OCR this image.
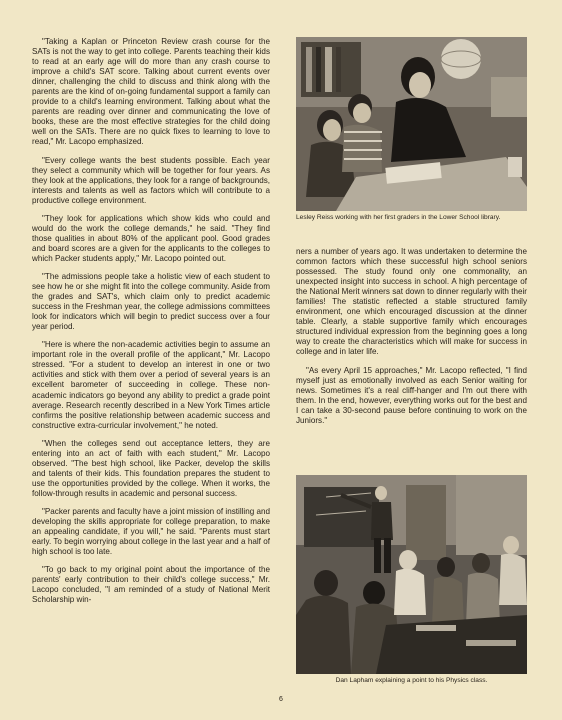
"Taking a Kaplan or Princeton Review crash course for the SATs is not the way to get into college. Parents teaching their kids to read at an early age will do more than any crash course to improve a child's SAT score. Talking about current events over dinner, challenging the child to discuss and think along with the parents are the kind of on-going fundamental support a family can provide to a child's learning environment. Talking about what the parents are reading over dinner and communicating the love of books, these are the most effective strategies for the child doing well on the SATs. There are no quick fixes to learning to love to read," Mr. Lacopo emphasized.

"Every college wants the best students possible. Each year they select a community which will be together for four years. As they look at the applications, they look for a range of backgrounds, interests and talents as well as factors which will contribute to a productive college environment.

"They look for applications which show kids who could and would do the work the college demands," he said. "They find those qualities in about 80% of the applicant pool. Good grades and board scores are a given for the applicants to the colleges to which Packer students apply," Mr. Lacopo pointed out.

"The admissions people take a holistic view of each student to see how he or she might fit into the college community. Aside from the grades and SAT's, which claim only to predict academic success in the Freshman year, the college admissions committees look for indicators which will begin to predict success over a four year period.

"Here is where the non-academic activities begin to assume an important role in the overall profile of the applicant," Mr. Lacopo stressed. "For a student to develop an interest in one or two activities and stick with them over a period of several years is an excellent barometer of succeeding in college. These non-academic indicators go beyond any ability to predict a grade point average. Research recently described in a New York Times article confirms the positive relationship between academic success and constructive extra-curricular involvement," he noted.

"When the colleges send out acceptance letters, they are entering into an act of faith with each student," Mr. Lacopo observed. "The best high school, like Packer, develop the skills and talents of their kids. This foundation prepares the student to use the opportunities provided by the college. When it works, the follow-through results in academic and personal success.

"Packer parents and faculty have a joint mission of instilling and developing the skills appropriate for college preparation, to make an appealing candidate, if you will," he said. "Parents must start early. To begin worrying about college in the last year and a half of high school is too late.

"To go back to my original point about the importance of the parents' early contribution to their child's college success," Mr. Lacopo concluded, "I am reminded of a study of National Merit Scholarship win-

Lesley Reiss working with her first graders in the Lower School library.

ners a number of years ago. It was undertaken to determine the common factors which these successful high school seniors possessed. The study found only one commonality, an unexpected insight into success in school. A high percentage of the National Merit winners sat down to dinner regularly with their families! The statistic reflected a stable structured family environment, one which encouraged discussion at the dinner table. Clearly, a stable supportive family which encourages structured individual expression from the beginning goes a long way to create the characteristics which will make for success in college and in later life.

"As every April 15 approaches," Mr. Lacopo reflected, "I find myself just as emotionally involved as each Senior waiting for news. Sometimes it's a real cliff-hanger and I'm out there with them. In the end, however, everything works out for the best and I can take a 30-second pause before continuing to work on the Juniors."

Dan Lapham explaining a point to his Physics class.
6
